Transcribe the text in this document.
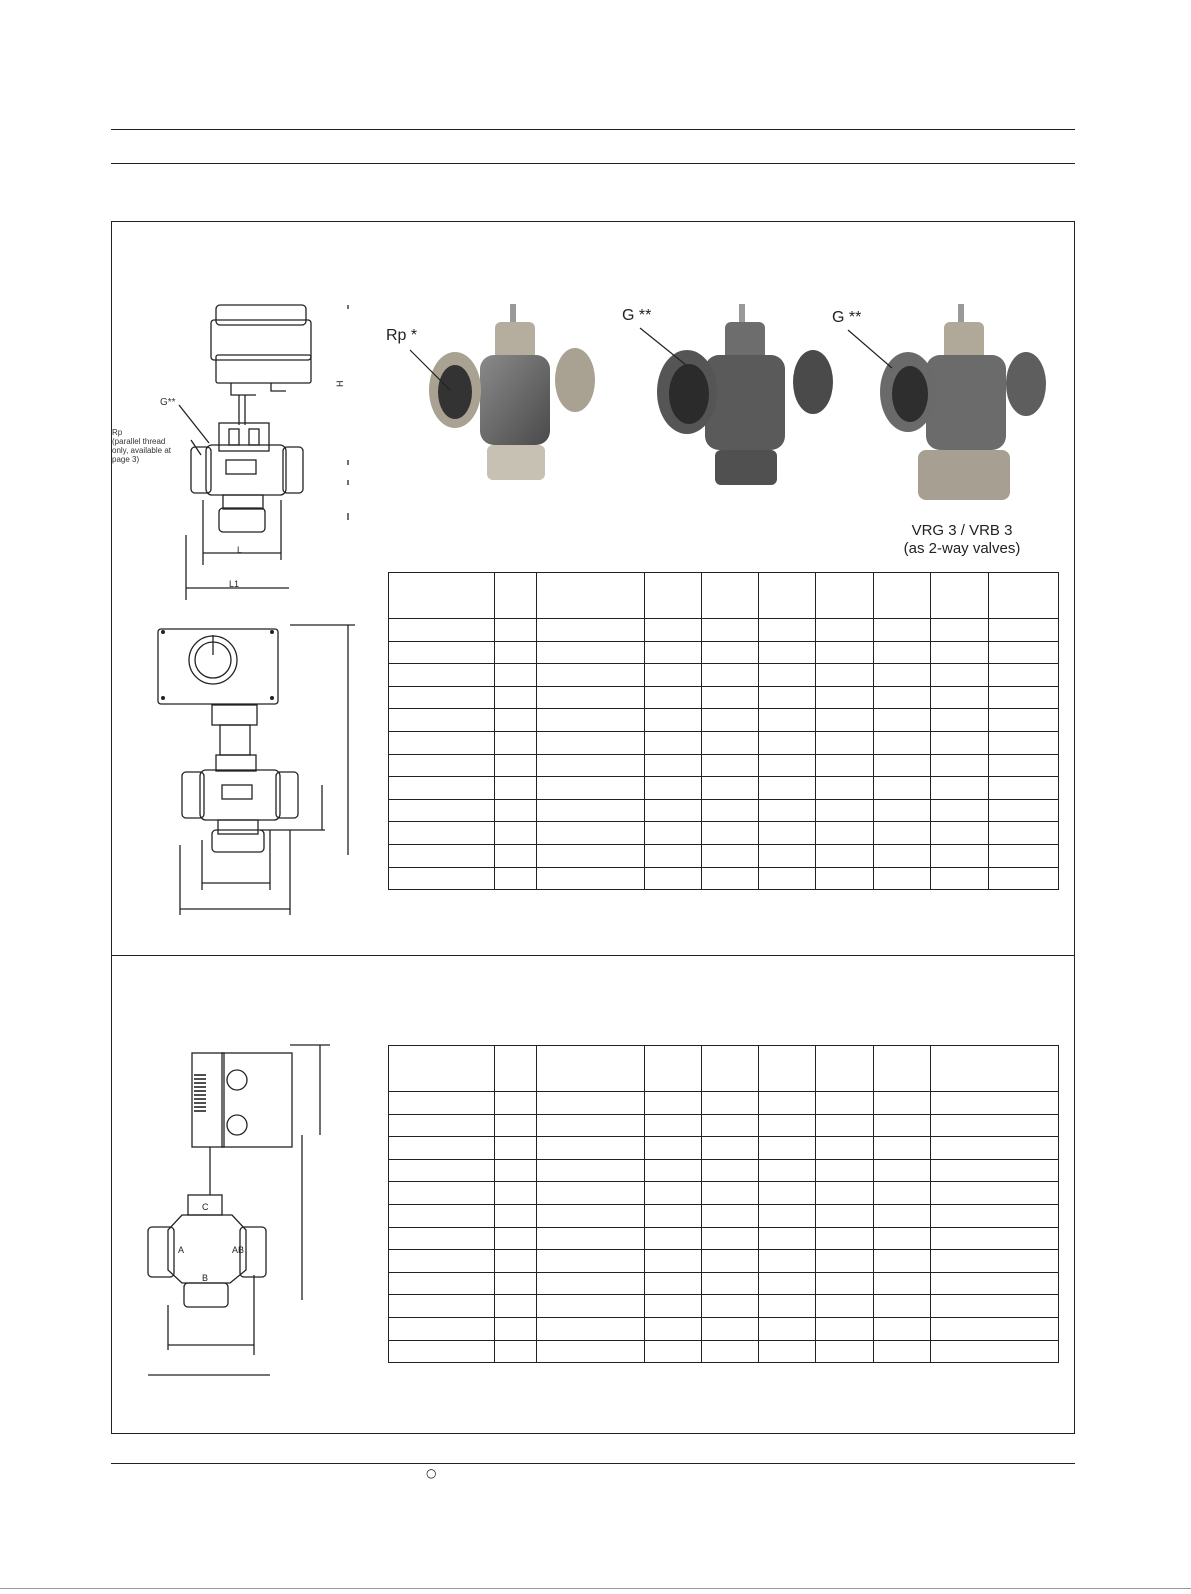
H
L
L1
G**
Rp
(parallel thread
only, available at
page 3)
Rp *
G **	G **
VRG 3 / VRB 3
(as 2-way valves)
A	AB
B
C
○
